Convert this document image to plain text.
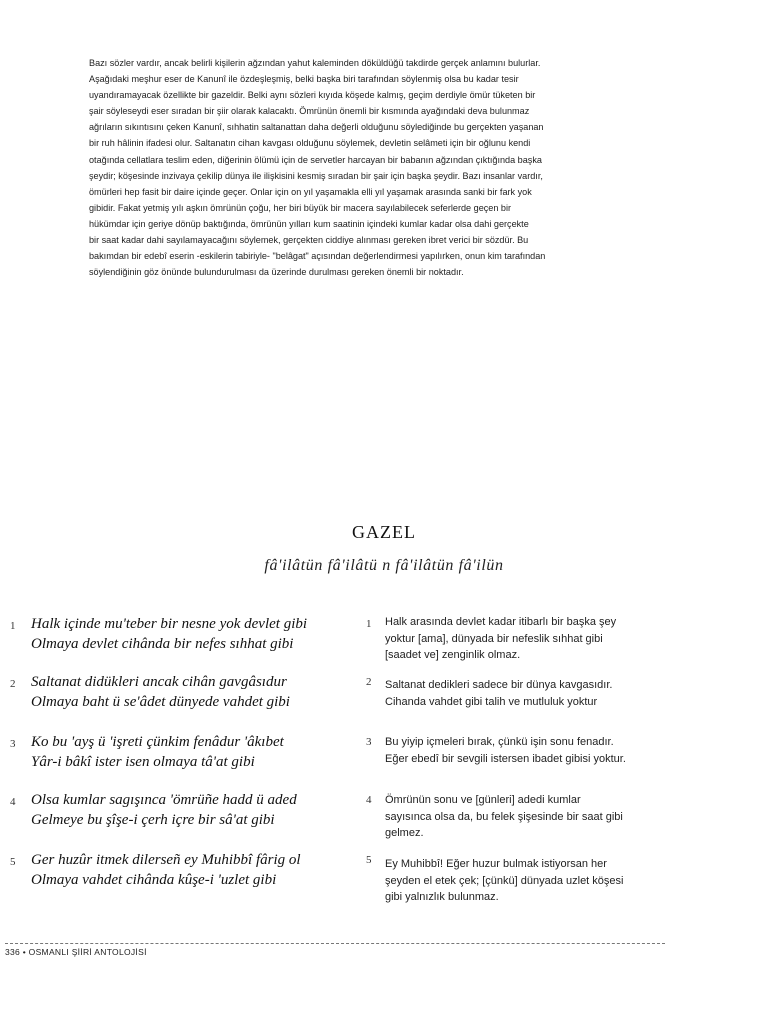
Bazı sözler vardır, ancak belirli kişilerin ağzından yahut kaleminden döküldüğü takdirde gerçek anlamını bulurlar.
Aşağıdaki meşhur eser de Kanunî ile özdeşleşmiş, belki başka biri tarafından söylenmiş olsa bu kadar tesir
uyandıramayacak özellikte bir gazeldir. Belki aynı sözleri kıyıda köşede kalmış, geçim derdiyle ömür tüketen bir
şair söyleseydi eser sıradan bir şiir olarak kalacaktı. Ömrünün önemli bir kısmında ayağındaki deva bulunmaz
ağrıların sıkıntısını çeken Kanunî, sıhhatin saltanattan daha değerli olduğunu söylediğinde bu gerçekten yaşanan
bir ruh hâlinin ifadesi olur. Saltanatın cihan kavgası olduğunu söylemek, devletin selâmeti için bir oğlunu kendi
otağında cellatlara teslim eden, diğerinin ölümü için de servetler harcayan bir babanın ağzından çıktığında başka
şeydir; köşesinde inzivaya çekilip dünya ile ilişkisini kesmiş sıradan bir şair için başka şeydir. Bazı insanlar vardır,
ömürleri hep fasit bir daire içinde geçer. Onlar için on yıl yaşamakla elli yıl yaşamak arasında sanki bir fark yok
gibidir. Fakat yetmiş yılı aşkın ömrünün çoğu, her biri büyük bir macera sayılabilecek seferlerde geçen bir
hükümdar için geriye dönüp baktığında, ömrünün yılları kum saatinin içindeki kumlar kadar olsa dahi gerçekte
bir saat kadar dahi sayılamayacağını söylemek, gerçekten ciddiye alınması gereken ibret verici bir sözdür. Bu
bakımdan bir edebî eserin -eskilerin tabiriyle- "belâgat" açısından değerlendirmesi yapılırken, onun kim tarafından
söylendiğinin göz önünde bulundurulması da üzerinde durulması gereken önemli bir noktadır.
GAZEL
fâ'ilâtün fâ'ilâtü n fâ'ilâtün fâ'ilün
1 Halk içinde mu'teber bir nesne yok devlet gibi
Olmaya devlet cihânda bir nefes sıhhat gibi
1 Halk arasında devlet kadar itibarlı bir başka şey
yoktur [ama], dünyada bir nefeslik sıhhat gibi
[saadet ve] zenginlik olmaz.
2 Saltanat didükleri ancak cihân gavgâsıdur
Olmaya baht ü se'âdet dünyede vahdet gibi
2 Saltanat dedikleri sadece bir dünya kavgasıdır.
Cihanda vahdet gibi talih ve mutluluk yoktur
3 Ko bu 'ayş ü 'işreti çünkim fenâdur 'âkıbet
Yâr-i bâkî ister isen olmaya tâ'at gibi
3 Bu yiyip içmeleri bırak, çünkü işin sonu fenadır.
Eğer ebedî bir sevgili istersen ibadet gibisi yoktur.
4 Olsa kumlar sagışınca 'ömrüñe hadd ü aded
Gelmeye bu şîşe-i çerh içre bir sâ'at gibi
4 Ömrünün sonu ve [günleri] adedi kumlar
sayısınca olsa da, bu felek şişesinde bir saat gibi
gelmez.
5 Ger huzûr itmek dilerseñ ey Muhibbî fârig ol
Olmaya vahdet cihânda kûşe-i 'uzlet gibi
5 Ey Muhibbî! Eğer huzur bulmak istiyorsan her
şeyden el etek çek; [çünkü] dünyada uzlet köşesi
gibi yalnızlık bulunmaz.
336 • OSMANLI ŞİİRİ ANTOLOJİSİ
